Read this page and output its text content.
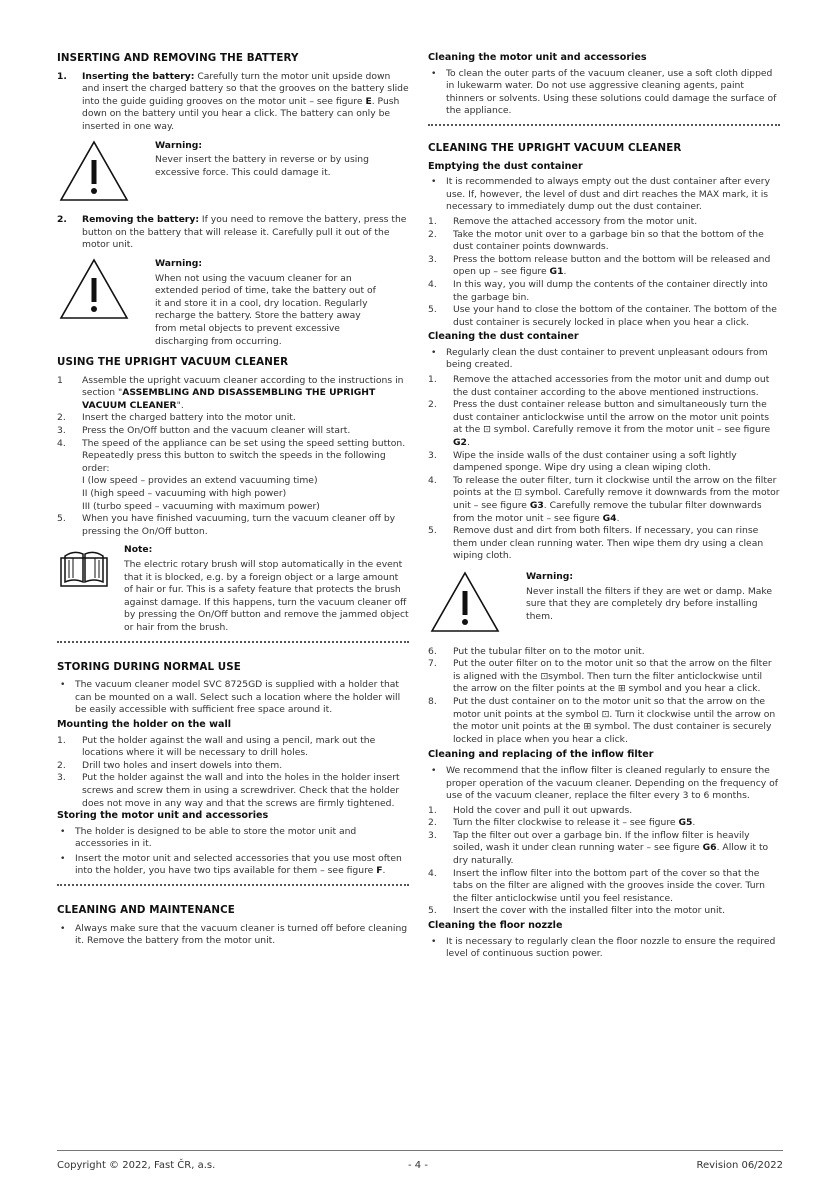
INSERTING AND REMOVING THE BATTERY
1. Inserting the battery: Carefully turn the motor unit upside down and insert the charged battery so that the grooves on the battery slide into the guide guiding grooves on the motor unit – see figure E. Push down on the battery until you hear a click. The battery can only be inserted in one way.
Warning:
Never insert the battery in reverse or by using excessive force. This could damage it.
2. Removing the battery: If you need to remove the battery, press the button on the battery that will release it. Carefully pull it out of the motor unit.
Warning:
When not using the vacuum cleaner for an extended period of time, take the battery out of it and store it in a cool, dry location. Regularly recharge the battery. Store the battery away from metal objects to prevent excessive discharging from occurring.
USING THE UPRIGHT VACUUM CLEANER
1 Assemble the upright vacuum cleaner according to the instructions in section "ASSEMBLING AND DISASSEMBLING THE UPRIGHT VACUUM CLEANER".
2. Insert the charged battery into the motor unit.
3. Press the On/Off button and the vacuum cleaner will start.
4. The speed of the appliance can be set using the speed setting button. Repeatedly press this button to switch the speeds in the following order:
I (low speed – provides an extend vacuuming time)
II (high speed – vacuuming with high power)
III (turbo speed – vacuuming with maximum power)
5. When you have finished vacuuming, turn the vacuum cleaner off by pressing the On/Off button.
Note:
The electric rotary brush will stop automatically in the event that it is blocked, e.g. by a foreign object or a large amount of hair or fur. This is a safety feature that protects the brush against damage. If this happens, turn the vacuum cleaner off by pressing the On/Off button and remove the jammed object or hair from the brush.
STORING DURING NORMAL USE
• The vacuum cleaner model SVC 8725GD is supplied with a holder that can be mounted on a wall. Select such a location where the holder will be easily accessible with sufficient free space around it.
Mounting the holder on the wall
1. Put the holder against the wall and using a pencil, mark out the locations where it will be necessary to drill holes.
2. Drill two holes and insert dowels into them.
3. Put the holder against the wall and into the holes in the holder insert screws and screw them in using a screwdriver. Check that the holder does not move in any way and that the screws are firmly tightened.
Storing the motor unit and accessories
• The holder is designed to be able to store the motor unit and accessories in it.
• Insert the motor unit and selected accessories that you use most often into the holder, you have two tips available for them – see figure F.
CLEANING AND MAINTENANCE
• Always make sure that the vacuum cleaner is turned off before cleaning it. Remove the battery from the motor unit.
Cleaning the motor unit and accessories
• To clean the outer parts of the vacuum cleaner, use a soft cloth dipped in lukewarm water. Do not use aggressive cleaning agents, paint thinners or solvents. Using these solutions could damage the surface of the appliance.
CLEANING THE UPRIGHT VACUUM CLEANER
Emptying the dust container
• It is recommended to always empty out the dust container after every use. If, however, the level of dust and dirt reaches the MAX mark, it is necessary to immediately dump out the dust container.
1. Remove the attached accessory from the motor unit.
2. Take the motor unit over to a garbage bin so that the bottom of the dust container points downwards.
3. Press the bottom release button and the bottom will be released and open up – see figure G1.
4. In this way, you will dump the contents of the container directly into the garbage bin.
5. Use your hand to close the bottom of the container. The bottom of the dust container is securely locked in place when you hear a click.
Cleaning the dust container
• Regularly clean the dust container to prevent unpleasant odours from being created.
1. Remove the attached accessories from the motor unit and dump out the dust container according to the above mentioned instructions.
2. Press the dust container release button and simultaneously turn the dust container anticlockwise until the arrow on the motor unit points at the ⊡ symbol. Carefully remove it from the motor unit – see figure G2.
3. Wipe the inside walls of the dust container using a soft lightly dampened sponge. Wipe dry using a clean wiping cloth.
4. To release the outer filter, turn it clockwise until the arrow on the filter points at the ⊡ symbol. Carefully remove it downwards from the motor unit – see figure G3. Carefully remove the tubular filter downwards from the motor unit – see figure G4.
5. Remove dust and dirt from both filters. If necessary, you can rinse them under clean running water. Then wipe them dry using a clean wiping cloth.
Warning:
Never install the filters if they are wet or damp. Make sure that they are completely dry before installing them.
6. Put the tubular filter on to the motor unit.
7. Put the outer filter on to the motor unit so that the arrow on the filter is aligned with the ⊡symbol. Then turn the filter anticlockwise until the arrow on the filter points at the ⊞ symbol and you hear a click.
8. Put the dust container on to the motor unit so that the arrow on the motor unit points at the symbol ⊡. Turn it clockwise until the arrow on the motor unit points at the ⊞ symbol. The dust container is securely locked in place when you hear a click.
Cleaning and replacing of the inflow filter
• We recommend that the inflow filter is cleaned regularly to ensure the proper operation of the vacuum cleaner. Depending on the frequency of use of the vacuum cleaner, replace the filter every 3 to 6 months.
1. Hold the cover and pull it out upwards.
2. Turn the filter clockwise to release it – see figure G5.
3. Tap the filter out over a garbage bin. If the inflow filter is heavily soiled, wash it under clean running water – see figure G6. Allow it to dry naturally.
4. Insert the inflow filter into the bottom part of the cover so that the tabs on the filter are aligned with the grooves inside the cover. Turn the filter anticlockwise until you feel resistance.
5. Insert the cover with the installed filter into the motor unit.
Cleaning the floor nozzle
• It is necessary to regularly clean the floor nozzle to ensure the required level of continuous suction power.
Copyright © 2022, Fast ČR, a.s.	- 4 -	Revision 06/2022
